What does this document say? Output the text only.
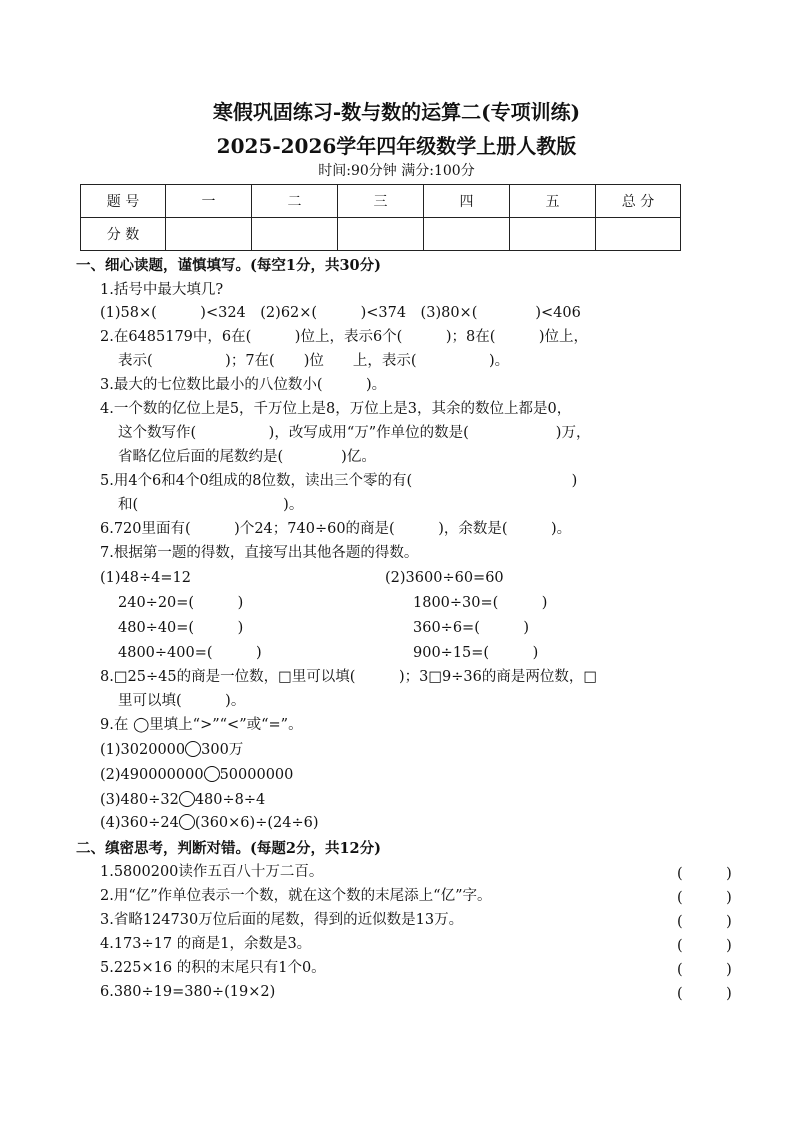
寒假巩固练习-数与数的运算二(专项训练)
2025-2026学年四年级数学上册人教版
时间:90分钟 满分:100分
题 号	一	二	三	四	五	总 分
分 数						
一、细心读题，谨慎填写。(每空1分，共30分)
1.括号中最大填几?
(1)58×(　　　)<324　(2)62×(　　　)<374　(3)80×(　　　　)<406
2.在6485179中，6在(　　　)位上，表示6个(　　　)；8在(　　　)位上，
表示(　　　　　)；7在(　　)位　　上，表示(　　　　　)。
3.最大的七位数比最小的八位数小(　　　)。
4.一个数的亿位上是5，千万位上是8，万位上是3，其余的数位上都是0，
这个数写作(　　　　　)，改写成用“万”作单位的数是(　　　　　　)万，
省略亿位后面的尾数约是(　　　　)亿。
5.用4个6和4个0组成的8位数，读出三个零的有(　　　　　　　　　　　)
和(　　　　　　　　　　)。
6.720里面有(　　　)个24；740÷60的商是(　　　)，余数是(　　　)。
7.根据第一题的得数，直接写出其他各题的得数。
(1)48÷4=12
240÷20=(　　　)
480÷40=(　　　)
4800÷400=(　　　)
(2)3600÷60=60
1800÷30=(　　　)
360÷6=(　　　)
900÷15=(　　　)
8.□25÷45的商是一位数，□里可以填(　　　)；3□9÷36的商是两位数，□
里可以填(　　　)。
9.在 ◯里填上“>”“<”或“=”。
(1)3020000 300万
(2)490000000 50000000
(3)480÷32 480÷8÷4
(4)360÷24 (360×6)÷(24÷6)
二、缜密思考，判断对错。(每题2分，共12分)
1.5800200读作五百八十万二百。	(　　　)
2.用“亿”作单位表示一个数，就在这个数的末尾添上“亿”字。	(　　　)
3.省略124730万位后面的尾数，得到的近似数是13万。	(　　　)
4.173÷17 的商是1，余数是3。	(　　　)
5.225×16 的积的末尾只有1个0。	(　　　)
6.380÷19=380÷(19×2)	(　　　)
